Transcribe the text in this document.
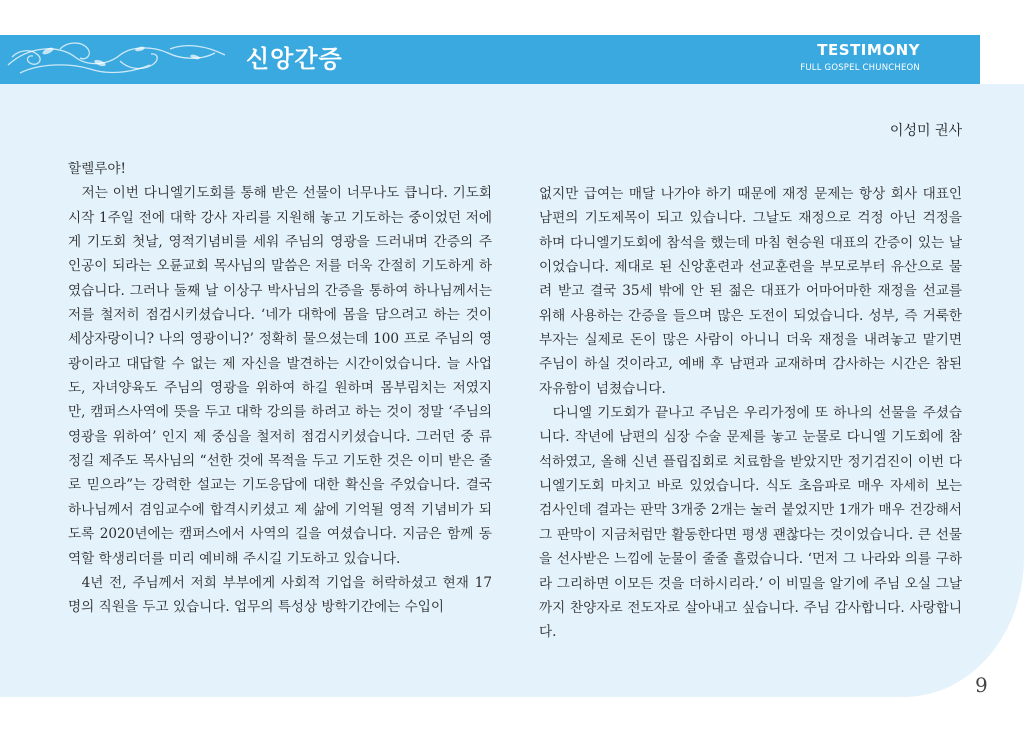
신앙간증	TESTIMONY
FULL GOSPEL CHUNCHEON
이성미 권사

할렐루야!

저는 이번 다니엘기도회를 통해 받은 선물이 너무나도 큽니다. 기도회 시작 1주일 전에 대학 강사 자리를 지원해 놓고 기도하는 중이었던 저에게 기도회 첫날, 영적기념비를 세워 주님의 영광을 드러내며 간증의 주인공이 되라는 오륜교회 목사님의 말씀은 저를 더욱 간절히 기도하게 하였습니다. 그러나 둘째 날 이상구 박사님의 간증을 통하여 하나님께서는 저를 철저히 점검시키셨습니다. ‘네가 대학에 몸을 담으려고 하는 것이 세상자랑이니? 나의 영광이니?’ 정확히 물으셨는데 100 프로 주님의 영광이라고 대답할 수 없는 제 자신을 발견하는 시간이었습니다. 늘 사업도, 자녀양육도 주님의 영광을 위하여 하길 원하며 몸부림치는 저였지만, 캠퍼스사역에 뜻을 두고 대학 강의를 하려고 하는 것이 정말 ‘주님의 영광을 위하여’ 인지 제 중심을 철저히 점검시키셨습니다. 그러던 중 류정길 제주도 목사님의 “선한 것에 목적을 두고 기도한 것은 이미 받은 줄로 믿으라”는 강력한 설교는 기도응답에 대한 확신을 주었습니다. 결국 하나님께서 겸임교수에 합격시키셨고 제 삶에 기억될 영적 기념비가 되도록 2020년에는 캠퍼스에서 사역의 길을 여셨습니다. 지금은 함께 동역할 학생리더를 미리 예비해 주시길 기도하고 있습니다.

4년 전, 주님께서 저희 부부에게 사회적 기업을 허락하셨고 현재 17명의 직원을 두고 있습니다. 업무의 특성상 방학기간에는 수입이

없지만 급여는 매달 나가야 하기 때문에 재정 문제는 항상 회사 대표인 남편의 기도제목이 되고 있습니다. 그날도 재정으로 걱정 아닌 걱정을 하며 다니엘기도회에 참석을 했는데 마침 현승원 대표의 간증이 있는 날이었습니다. 제대로 된 신앙훈련과 선교훈련을 부모로부터 유산으로 물려 받고 결국 35세 밖에 안 된 젊은 대표가 어마어마한 재정을 선교를 위해 사용하는 간증을 들으며 많은 도전이 되었습니다. 성부, 즉 거룩한 부자는 실제로 돈이 많은 사람이 아니니 더욱 재정을 내려놓고 맡기면 주님이 하실 것이라고, 예배 후 남편과 교재하며 감사하는 시간은 참된 자유함이 넘쳤습니다.

다니엘 기도회가 끝나고 주님은 우리가정에 또 하나의 선물을 주셨습니다. 작년에 남편의 심장 수술 문제를 놓고 눈물로 다니엘 기도회에 참석하였고, 올해 신년 플립집회로 치료함을 받았지만 정기검진이 이번 다니엘기도회 마치고 바로 있었습니다. 식도 초음파로 매우 자세히 보는 검사인데 결과는 판막 3개중 2개는 눌러 붙었지만 1개가 매우 건강해서 그 판막이 지금처럼만 활동한다면 평생 괜찮다는 것이었습니다. 큰 선물을 선사받은 느낌에 눈물이 줄줄 흘렀습니다. ‘먼저 그 나라와 의를 구하라 그리하면 이모든 것을 더하시리라.’ 이 비밀을 알기에 주님 오실 그날 까지 찬양자로 전도자로 살아내고 싶습니다. 주님 감사합니다. 사랑합니다.

9
